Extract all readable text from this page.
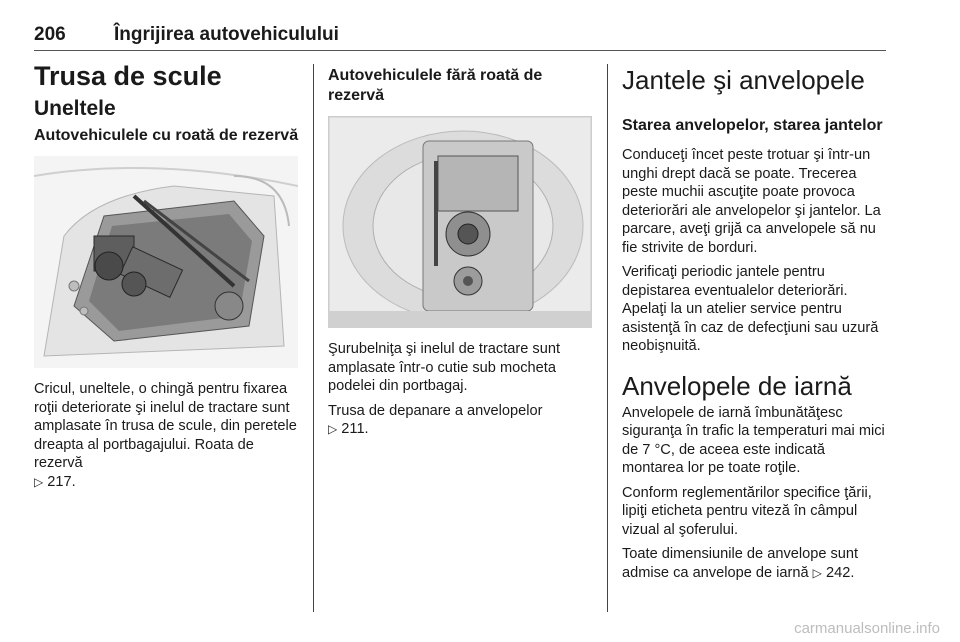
206	Îngrijirea autovehiculului
Trusa de scule
Uneltele
Autovehiculele cu roată de rezervă
Cricul, uneltele, o chingă pentru fixarea roţii deteriorate şi inelul de tractare sunt amplasate în trusa de scule, din peretele dreapta al portbagajului. Roata de rezervă
▷ 217.
Autovehiculele fără roată de rezervă
Şurubelniţa şi inelul de tractare sunt amplasate într-o cutie sub mocheta podelei din portbagaj.
Trusa de depanare a anvelopelor
▷ 211.
Jantele şi anvelopele
Starea anvelopelor, starea jantelor
Conduceţi încet peste trotuar şi într-un unghi drept dacă se poate. Trecerea peste muchii ascuţite poate provoca deteriorări ale anvelopelor şi jantelor. La parcare, aveţi grijă ca anvelopele să nu fie strivite de borduri.
Verificaţi periodic jantele pentru depistarea eventualelor deteriorări. Apelaţi la un atelier service pentru asistenţă în caz de defecţiuni sau uzură neobişnuită.
Anvelopele de iarnă
Anvelopele de iarnă îmbunătăţesc siguranţa în trafic la temperaturi mai mici de 7 °C, de aceea este indicată montarea lor pe toate roţile.
Conform reglementărilor specifice ţării, lipiţi eticheta pentru viteză în câmpul vizual al şoferului.
Toate dimensiunile de anvelope sunt admise ca anvelope de iarnă ▷ 242.
carmanualsonline.info
